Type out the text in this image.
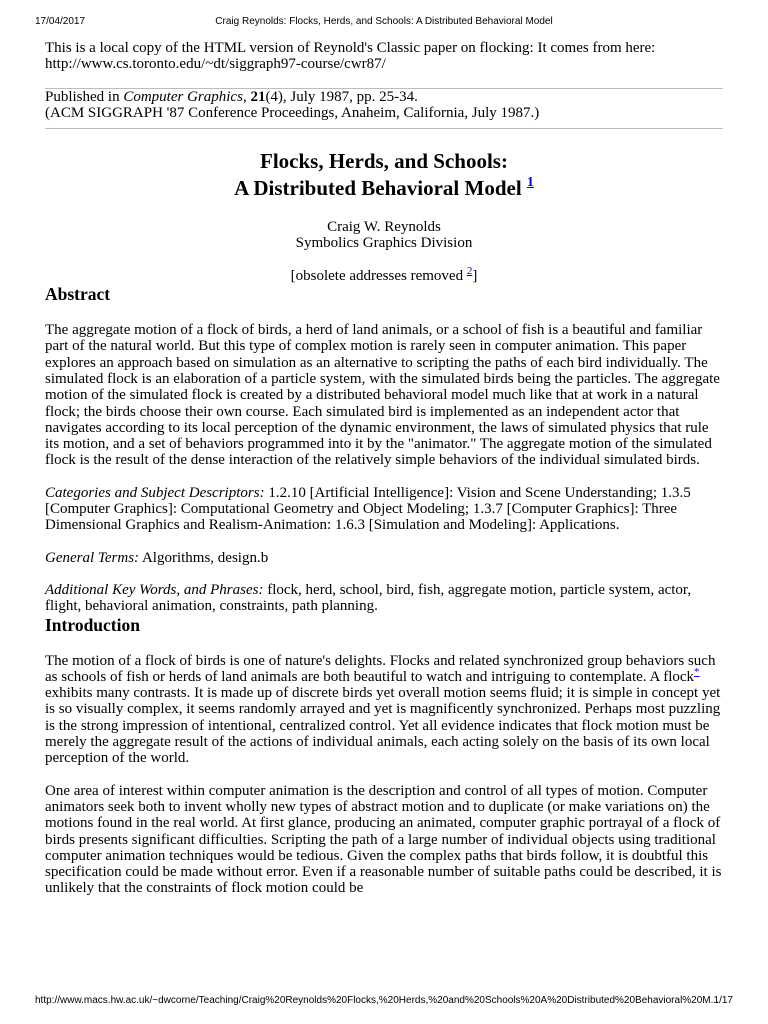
17/04/2017	Craig Reynolds: Flocks, Herds, and Schools: A Distributed Behavioral Model

This is a local copy of the HTML version of Reynold's Classic paper on flocking: It comes from here:

http://www.cs.toronto.edu/~dt/siggraph97-course/cwr87/

Published in Computer Graphics, 21(4), July 1987, pp. 25-34.
(ACM SIGGRAPH '87 Conference Proceedings, Anaheim, California, July 1987.)

Flocks, Herds, and Schools:
A Distributed Behavioral Model $^1$

Craig W. Reynolds
Symbolics Graphics Division

[obsolete addresses removed $^2$]

Abstract

The aggregate motion of a flock of birds, a herd of land animals, or a school of fish is a beautiful and familiar part of the natural world. But this type of complex motion is rarely seen in computer animation. This paper explores an approach based on simulation as an alternative to scripting the paths of each bird individually. The simulated flock is an elaboration of a particle system, with the simulated birds being the particles. The aggregate motion of the simulated flock is created by a distributed behavioral model much like that at work in a natural flock; the birds choose their own course. Each simulated bird is implemented as an independent actor that navigates according to its local perception of the dynamic environment, the laws of simulated physics that rule its motion, and a set of behaviors programmed into it by the "animator." The aggregate motion of the simulated flock is the result of the dense interaction of the relatively simple behaviors of the individual simulated birds.

Categories and Subject Descriptors: 1.2.10 [Artificial Intelligence]: Vision and Scene Understanding; 1.3.5 [Computer Graphics]: Computational Geometry and Object Modeling; 1.3.7 [Computer Graphics]: Three Dimensional Graphics and Realism-Animation: 1.6.3 [Simulation and Modeling]: Applications.

General Terms: Algorithms, design.b

Additional Key Words, and Phrases: flock, herd, school, bird, fish, aggregate motion, particle system, actor, flight, behavioral animation, constraints, path planning.

Introduction

The motion of a flock of birds is one of nature's delights. Flocks and related synchronized group behaviors such as schools of fish or herds of land animals are both beautiful to watch and intriguing to contemplate. A flock* exhibits many contrasts. It is made up of discrete birds yet overall motion seems fluid; it is simple in concept yet is so visually complex, it seems randomly arrayed and yet is magnificently synchronized. Perhaps most puzzling is the strong impression of intentional, centralized control. Yet all evidence indicates that flock motion must be merely the aggregate result of the actions of individual animals, each acting solely on the basis of its own local perception of the world.

One area of interest within computer animation is the description and control of all types of motion. Computer animators seek both to invent wholly new types of abstract motion and to duplicate (or make variations on) the motions found in the real world. At first glance, producing an animated, computer graphic portrayal of a flock of birds presents significant difficulties. Scripting the path of a large number of individual objects using traditional computer animation techniques would be tedious. Given the complex paths that birds follow, it is doubtful this specification could be made without error. Even if a reasonable number of suitable paths could be described, it is unlikely that the constraints of flock motion could be

http://www.macs.hw.ac.uk/~dwcorne/Teaching/Craig%20Reynolds%20Flocks,%20Herds,%20and%20Schools%20A%20Distributed%20Behavioral%20M...
1/17
